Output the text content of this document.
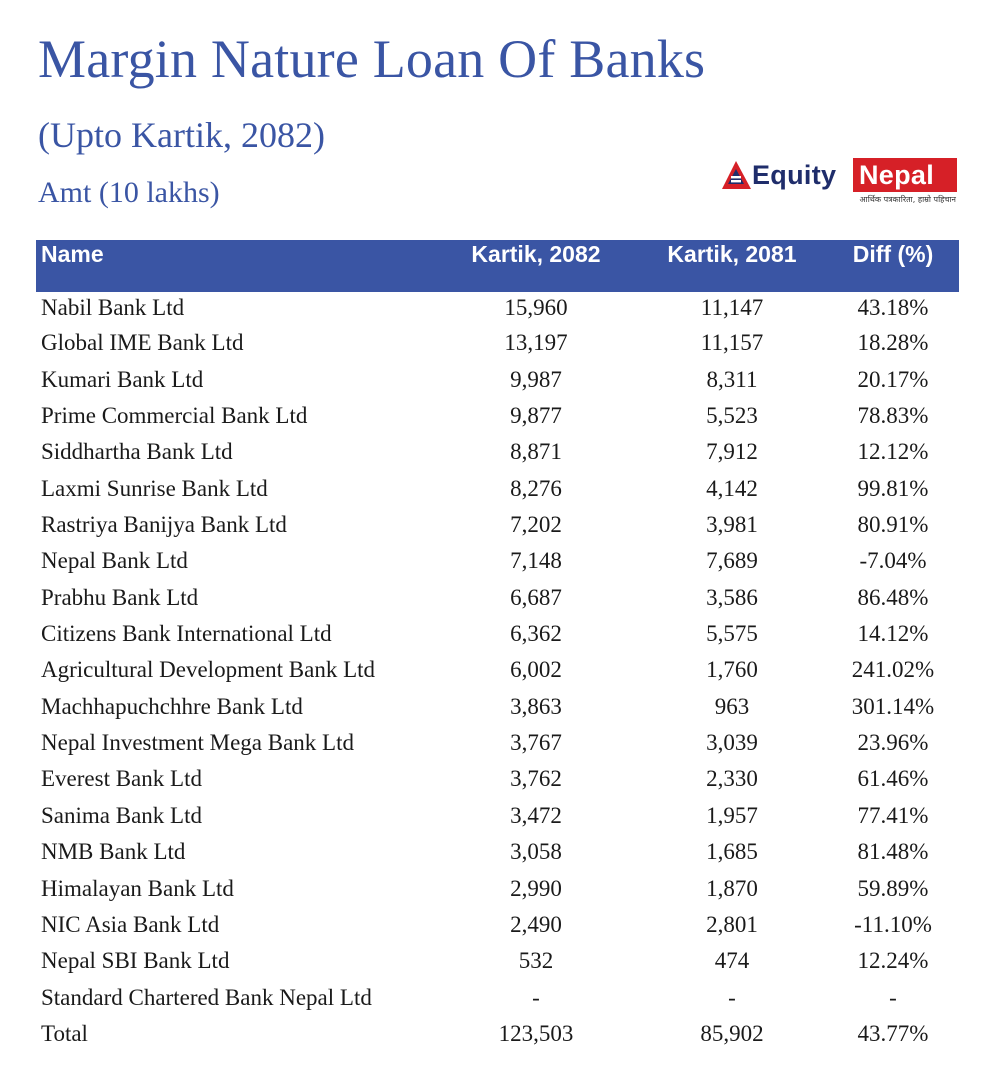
Margin Nature Loan Of Banks
(Upto Kartik, 2082)
Amt (10 lakhs)
Equity Nepal
आर्थिक पत्रकारिता, हाम्रो पहिचान
Name	Kartik, 2082	Kartik, 2081	Diff (%)
Nabil Bank Ltd	15,960	11,147	43.18%
Global IME Bank Ltd	13,197	11,157	18.28%
Kumari Bank Ltd	9,987	8,311	20.17%
Prime Commercial Bank Ltd	9,877	5,523	78.83%
Siddhartha Bank Ltd	8,871	7,912	12.12%
Laxmi Sunrise Bank Ltd	8,276	4,142	99.81%
Rastriya Banijya Bank Ltd	7,202	3,981	80.91%
Nepal Bank Ltd	7,148	7,689	-7.04%
Prabhu Bank Ltd	6,687	3,586	86.48%
Citizens Bank International Ltd	6,362	5,575	14.12%
Agricultural Development Bank Ltd	6,002	1,760	241.02%
Machhapuchchhre Bank Ltd	3,863	963	301.14%
Nepal Investment Mega Bank Ltd	3,767	3,039	23.96%
Everest Bank Ltd	3,762	2,330	61.46%
Sanima Bank Ltd	3,472	1,957	77.41%
NMB Bank Ltd	3,058	1,685	81.48%
Himalayan Bank Ltd	2,990	1,870	59.89%
NIC Asia Bank Ltd	2,490	2,801	-11.10%
Nepal SBI Bank Ltd	532	474	12.24%
Standard Chartered Bank Nepal Ltd	-	-	-
Total	123,503	85,902	43.77%
